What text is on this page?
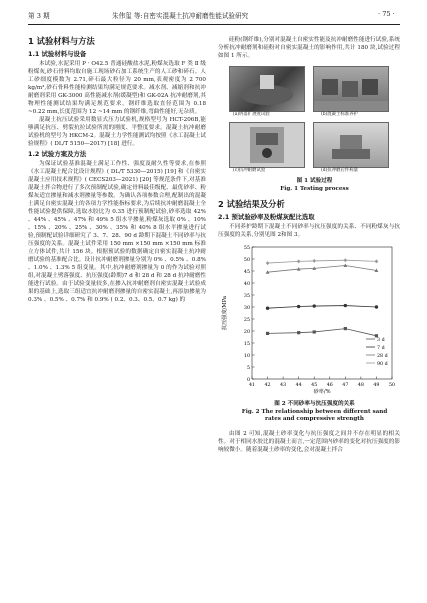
第 3 期	朱伟玺 等:自密实混凝土抗冲耐磨性能试验研究	· 75 ·
1 试验材料与方法
1.1 试验材料与设备

本试验,水泥采用 P · O42.5 普通硅酸盐水泥,粉煤灰选取 F 类 Ⅱ 级粉煤灰,砂石骨料均取自施工现场砂石加工系统生产的人工砂和碎石。人工砂细度模数为 2.71,碎石最大粒径为 20 mm,表观密度为 2 700 kg/m³,砂石骨料性能检测结果均满足规范要求。减水剂、减缩剂和抗冲耐磨剂采用 GK-3000 高性能减水剂(缓凝型)和 GK-02A 抗冲耐磨剂,其物理性能测试结果均满足规范要求。钢纤维选取直径范围为 0.18 ~0.22 mm,长度范围为 12 ~14 mm 的钢纤维,弯曲性能好,无杂质。

混凝土抗压试验采用数显式压力试验机,规格型号为 HCT-206B,能够满足抗压、劈裂抗拉试验所需的刚度、平整度要求。混凝土抗冲耐磨试验机的型号为 HKCM-2。混凝土力学性能测试均按照《水工混凝土试验规程》( DL/T 5150—2017) [18] 进行。

1.2 试验方案及方法

为保证试验基准混凝土满足工作性、强度及耐久性等要求,在参照《水工混凝土配合比设计规程》( DL/T 5330—2015) [19] 和《自密实混凝土应用技术规程》( CECS203—2021) [20] 等规范条件下,对基准混凝土拌合物进行了多次预制配试验,确定骨料最佳级配、最优砂率、粉煤灰适宜掺量和减水剂掺量等参数。为确认各项参数合理,配制出的混凝土满足自密实混凝土的各项力学性能指标要求,为后续抗冲耐磨混凝土全性能试验提供保障,选取水胶比为 0.35 进行预制配试验,砂率选取 42% 、44% 、45% 、47% 和 49% 5 组水平掺量,粉煤灰选取 0% 、10% 、15% 、20% 、25% 、30% 、35% 和 40% 8 组水平掺量进行试验,预制配试验详细研究了 3、7、28、90 d 龄期下混凝土不同砂率与抗压强度的关系。混凝土试件采用 150 mm ×150 mm ×150 mm 标准立方体试件,共计 156 块。根据预试验的数据确定自密实混凝土抗冲耐磨试验的基准配合比。设计抗冲耐磨剂掺量分别为 0% 、0.5% 、0.8% 、1.0% 、1.3% 5 组变量。其中,抗冲耐磨剂掺量为 0 的作为试验对照组,对混凝土劈落强度、抗压强度(龄期)7 d 和 28 d 和 28 d 抗冲耐磨性能进行试验。由于试验变量较多,在掺入抗冲耐磨剂自密实混凝土试验成果的基础上,选取三组适宜抗冲耐磨剂掺量的自密实混凝土,再添加掺量为 0.3% 、0.5% 、0.7% 和 0.9% ( 0.2、0.3、0.5、0.7 kg) 的

硅粉(钢纤维),分别对混凝土自密实性能及抗冲耐磨性能进行试验,系统分析抗冲耐磨剂和硅粉对自密实混凝土的影响作用,共计 180 块,试验过程如图 1 所示。

(a)坍落扩展度试验	(b)混凝土标准养护
(c)抗冲耐磨试验	(d)抗冲磨后件称量

图 1 试验过程

Fig. 1 Testing process

2 试验结果及分析
2.1 预试验砂率及粉煤灰配比选取

不同养护龄期下混凝土不同砂率与抗压强度的关系、不同粉煤灰与抗压强度的关系,分别见图 2和图 3。

0
5
10
15
20
25
30
35
40
45
50
55
41 42 43 44 45 46 47 48 49 50
砂率/%
抗压强度/MPa
3 d
7 d
28 d
90 d

图 2 不同砂率与抗压强度的关系

Fig. 2 The relationship between different sand

rates and compressive strength

由图 2 可知,混凝土砂率变化与抗压强度之间并不存在明显的相关性。对于相同水胶比的混凝土而言,一定范围内砂率的变化对抗压强度的影响较微小。随着混凝土砂率的变化,会对混凝土拌合
